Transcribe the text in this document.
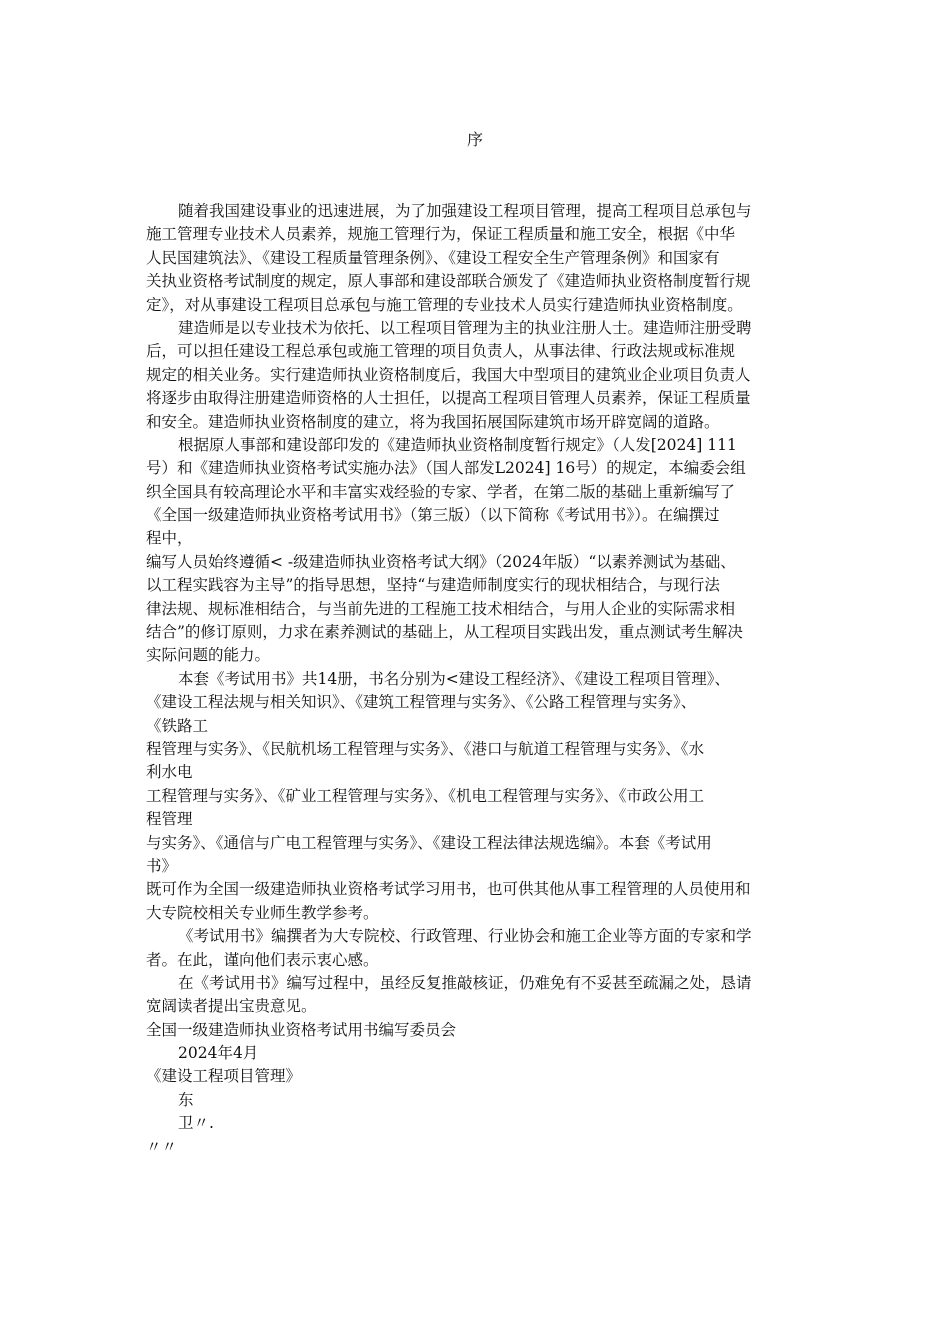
序
随着我国建设事业的迅速进展，为了加强建设工程项目管理，提高工程项目总承包与
施工管理专业技术人员素养，规施工管理行为，保证工程质量和施工安全，根据《中华
人民国建筑法》、《建设工程质量管理条例》、《建设工程安全生产管理条例》和国家有
关执业资格考试制度的规定，原人事部和建设部联合颁发了《建造师执业资格制度暂行规
定》，对从事建设工程项目总承包与施工管理的专业技术人员实行建造师执业资格制度。
建造师是以专业技术为依托、以工程项目管理为主的执业注册人士。建造师注册受聘
后，可以担任建设工程总承包或施工管理的项目负责人，从事法律、行政法规或标准规
规定的相关业务。实行建造师执业资格制度后，我国大中型项目的建筑业企业项目负责人
将逐步由取得注册建造师资格的人士担任，以提高工程项目管理人员素养，保证工程质量
和安全。建造师执业资格制度的建立，将为我国拓展国际建筑市场开辟宽阔的道路。
根据原人事部和建设部印发的《建造师执业资格制度暂行规定》（人发[2024] 111
号）和《建造师执业资格考试实施办法》（国人部发L2024] 16号）的规定，本编委会组
织全国具有较高理论水平和丰富实戏经验的专家、学者，在第二版的基础上重新编写了
《全国一级建造师执业资格考试用书》（第三版）（以下简称《考试用书》）。在编撰过
程中，
编写人员始终遵循< -级建造师执业资格考试大纲》（2024年版）“以素养测试为基础、
以工程实践容为主导”的指导思想，坚持“与建造师制度实行的现状相结合，与现行法
律法规、规标准相结合，与当前先进的工程施工技术相结合，与用人企业的实际需求相
结合”的修订原则，力求在素养测试的基础上，从工程项目实践出发，重点测试考生解决
实际问题的能力。
本套《考试用书》共14册，书名分别为<建设工程经济》、《建设工程项目管理》、
《建设工程法规与相关知识》、《建筑工程管理与实务》、《公路工程管理与实务》、
《铁路工
程管理与实务》、《民航机场工程管理与实务》、《港口与航道工程管理与实务》、《水
利水电
工程管理与实务》、《矿业工程管理与实务》、《机电工程管理与实务》、《市政公用工
程管理
与实务》、《通信与广电工程管理与实务》、《建设工程法律法规选编》。本套《考试用
书》
既可作为全国一级建造师执业资格考试学习用书，也可供其他从事工程管理的人员使用和
大专院校相关专业师生教学参考。
《考试用书》编撰者为大专院校、行政管理、行业协会和施工企业等方面的专家和学
者。在此，谨向他们表示衷心感。
在《考试用书》编写过程中，虽经反复推敲核证，仍难免有不妥甚至疏漏之处，恳请
宽阔读者提出宝贵意见。
全国一级建造师执业资格考试用书编写委员会
2024年4月
《建设工程项目管理》
东
卫〃.
〃〃
